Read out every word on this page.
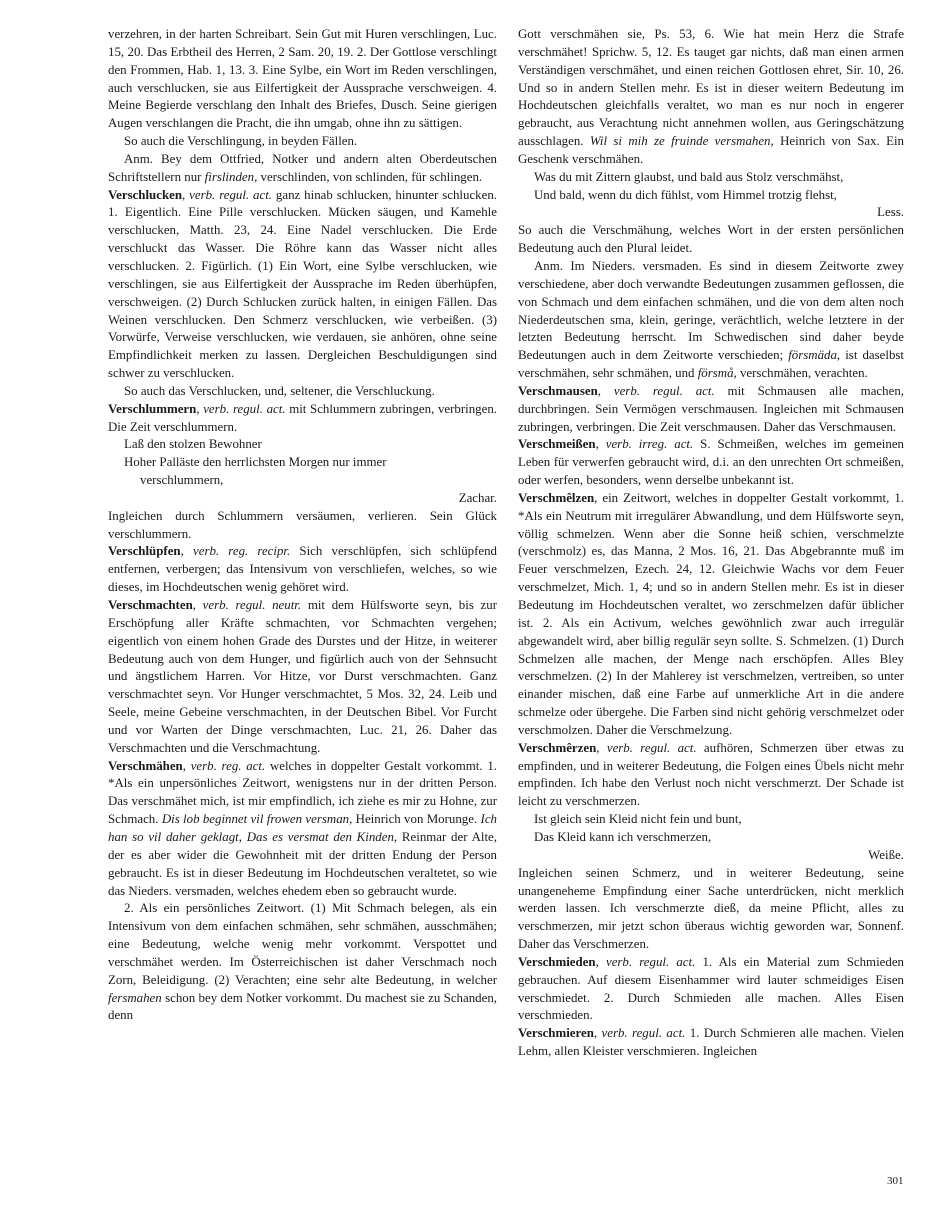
verzehren, in der harten Schreibart. Sein Gut mit Huren verschlingen, Luc. 15, 20. Das Erbtheil des Herren, 2 Sam. 20, 19. 2. Der Gottlose verschlingt den Frommen, Hab. 1, 13. 3. Eine Sylbe, ein Wort im Reden verschlingen, auch verschlucken, sie aus Eilfertigkeit der Aussprache verschweigen. 4. Meine Begierde verschlang den Inhalt des Briefes, Dusch. Seine gierigen Augen verschlangen die Pracht, die ihn umgab, ohne ihn zu sättigen.

So auch die Verschlingung, in beyden Fällen.

Anm. Bey dem Ottfried, Notker und andern alten Oberdeutschen Schriftstellern nur firslinden, verschlinden, von schlinden, für schlingen.

Verschlucken, verb. regul. act. ganz hinab schlucken, hinunter schlucken. 1. Eigentlich. Eine Pille verschlucken. Mücken säugen, und Kamehle verschlucken, Matth. 23, 24. Eine Nadel verschlucken. Die Erde verschluckt das Wasser. Die Röhre kann das Wasser nicht alles verschlucken. 2. Figürlich. (1) Ein Wort, eine Sylbe verschlucken, wie verschlingen, sie aus Eilfertigkeit der Aussprache im Reden überhüpfen, verschweigen. (2) Durch Schlucken zurück halten, in einigen Fällen. Das Weinen verschlucken. Den Schmerz verschlucken, wie verbeißen. (3) Vorwürfe, Verweise verschlucken, wie verdauen, sie anhören, ohne seine Empfindlichkeit merken zu lassen. Dergleichen Beschuldigungen sind schwer zu verschlucken.

So auch das Verschlucken, und, seltener, die Verschluckung.

Verschlummern, verb. regul. act. mit Schlummern zubringen, verbringen. Die Zeit verschlummern.

Laß den stolzen Bewohner

Hoher Palläste den herrlichsten Morgen nur immer

verschlummern,

Zachar.

Ingleichen durch Schlummern versäumen, verlieren. Sein Glück verschlummern.

Verschlüpfen, verb. reg. recipr. Sich verschlüpfen, sich schlüpfend entfernen, verbergen; das Intensivum von verschliefen, welches, so wie dieses, im Hochdeutschen wenig gehöret wird.

Verschmachten, verb. regul. neutr. mit dem Hülfsworte seyn, bis zur Erschöpfung aller Kräfte schmachten, vor Schmachten vergehen; eigentlich von einem hohen Grade des Durstes und der Hitze, in weiterer Bedeutung auch von dem Hunger, und figürlich auch von der Sehnsucht und ängstlichem Harren. Vor Hitze, vor Durst verschmachten. Ganz verschmachtet seyn. Vor Hunger verschmachtet, 5 Mos. 32, 24. Leib und Seele, meine Gebeine verschmachten, in der Deutschen Bibel. Vor Furcht und vor Warten der Dinge verschmachten, Luc. 21, 26. Daher das Verschmachten und die Verschmachtung.

Verschmähen, verb. reg. act. welches in doppelter Gestalt vorkommt. 1. *Als ein unpersönliches Zeitwort, wenigstens nur in der dritten Person. Das verschmähet mich, ist mir empfindlich, ich ziehe es mir zu Hohne, zur Schmach. Dis lob beginnet vil frowen versman, Heinrich von Morunge. Ich han so vil daher geklagt, Das es versmat den Kinden, Reinmar der Alte, der es aber wider die Gewohnheit mit der dritten Endung der Person gebraucht. Es ist in dieser Bedeutung im Hochdeutschen veraltetet, so wie das Nieders. versmaden, welches ehedem eben so gebraucht wurde.

2. Als ein persönliches Zeitwort. (1) Mit Schmach belegen, als ein Intensivum von dem einfachen schmähen, sehr schmähen, ausschmähen; eine Bedeutung, welche wenig mehr vorkommt. Verspottet und verschmähet werden. Im Österreichischen ist daher Verschmach noch Zorn, Beleidigung. (2) Verachten; eine sehr alte Bedeutung, in welcher fersmahen schon bey dem Notker vorkommt. Du machest sie zu Schanden, denn

Gott verschmähen sie, Ps. 53, 6. Wie hat mein Herz die Strafe verschmähet! Sprichw. 5, 12. Es tauget gar nichts, daß man einen armen Verständigen verschmähet, und einen reichen Gottlosen ehret, Sir. 10, 26. Und so in andern Stellen mehr. Es ist in dieser weitern Bedeutung im Hochdeutschen gleichfalls veraltet, wo man es nur noch in engerer gebraucht, aus Verachtung nicht annehmen wollen, aus Geringschätzung ausschlagen. Wil si mih ze fruinde versmahen, Heinrich von Sax. Ein Geschenk verschmähen.

Was du mit Zittern glaubst, und bald aus Stolz verschmähst,

Und bald, wenn du dich fühlst, vom Himmel trotzig flehst,

Less.

So auch die Verschmähung, welches Wort in der ersten persönlichen Bedeutung auch den Plural leidet.

Anm. Im Nieders. versmaden. Es sind in diesem Zeitworte zwey verschiedene, aber doch verwandte Bedeutungen zusammen geflossen, die von Schmach und dem einfachen schmähen, und die von dem alten noch Niederdeutschen sma, klein, geringe, verächtlich, welche letztere in der letzten Bedeutung herrscht. Im Schwedischen sind daher beyde Bedeutungen auch in dem Zeitworte verschieden; försmäda, ist daselbst verschmähen, sehr schmähen, und försmå, verschmähen, verachten.

Verschmausen, verb. regul. act. mit Schmausen alle machen, durchbringen. Sein Vermögen verschmausen. Ingleichen mit Schmausen zubringen, verbringen. Die Zeit verschmausen. Daher das Verschmausen.

Verschmeißen, verb. irreg. act. S. Schmeißen, welches im gemeinen Leben für verwerfen gebraucht wird, d.i. an den unrechten Ort schmeißen, oder werfen, besonders, wenn derselbe unbekannt ist.

Verschmêlzen, ein Zeitwort, welches in doppelter Gestalt vorkommt, 1. *Als ein Neutrum mit irregulärer Abwandlung, und dem Hülfsworte seyn, völlig schmelzen. Wenn aber die Sonne heiß schien, verschmelzte (verschmolz) es, das Manna, 2 Mos. 16, 21. Das Abgebrannte muß im Feuer verschmelzen, Ezech. 24, 12. Gleichwie Wachs vor dem Feuer verschmelzet, Mich. 1, 4; und so in andern Stellen mehr. Es ist in dieser Bedeutung im Hochdeutschen veraltet, wo zerschmelzen dafür üblicher ist. 2. Als ein Activum, welches gewöhnlich zwar auch irregulär abgewandelt wird, aber billig regulär seyn sollte. S. Schmelzen. (1) Durch Schmelzen alle machen, der Menge nach erschöpfen. Alles Bley verschmelzen. (2) In der Mahlerey ist verschmelzen, vertreiben, so unter einander mischen, daß eine Farbe auf unmerkliche Art in die andere schmelze oder übergehe. Die Farben sind nicht gehörig verschmelzet oder verschmolzen. Daher die Verschmelzung.

Verschmêrzen, verb. regul. act. aufhören, Schmerzen über etwas zu empfinden, und in weiterer Bedeutung, die Folgen eines Übels nicht mehr empfinden. Ich habe den Verlust noch nicht verschmerzt. Der Schade ist leicht zu verschmerzen.

Ist gleich sein Kleid nicht fein und bunt,

Das Kleid kann ich verschmerzen,

Weiße.

Ingleichen seinen Schmerz, und in weiterer Bedeutung, seine unangeneheme Empfindung einer Sache unterdrücken, nicht merklich werden lassen. Ich verschmerzte dieß, da meine Pflicht, alles zu verschmerzen, mir jetzt schon überaus wichtig geworden war, Sonnenf. Daher das Verschmerzen.

Verschmieden, verb. regul. act. 1. Als ein Material zum Schmieden gebrauchen. Auf diesem Eisenhammer wird lauter schmeidiges Eisen verschmiedet. 2. Durch Schmieden alle machen. Alles Eisen verschmieden.

Verschmieren, verb. regul. act. 1. Durch Schmieren alle machen. Vielen Lehm, allen Kleister verschmieren. Ingleichen

301
